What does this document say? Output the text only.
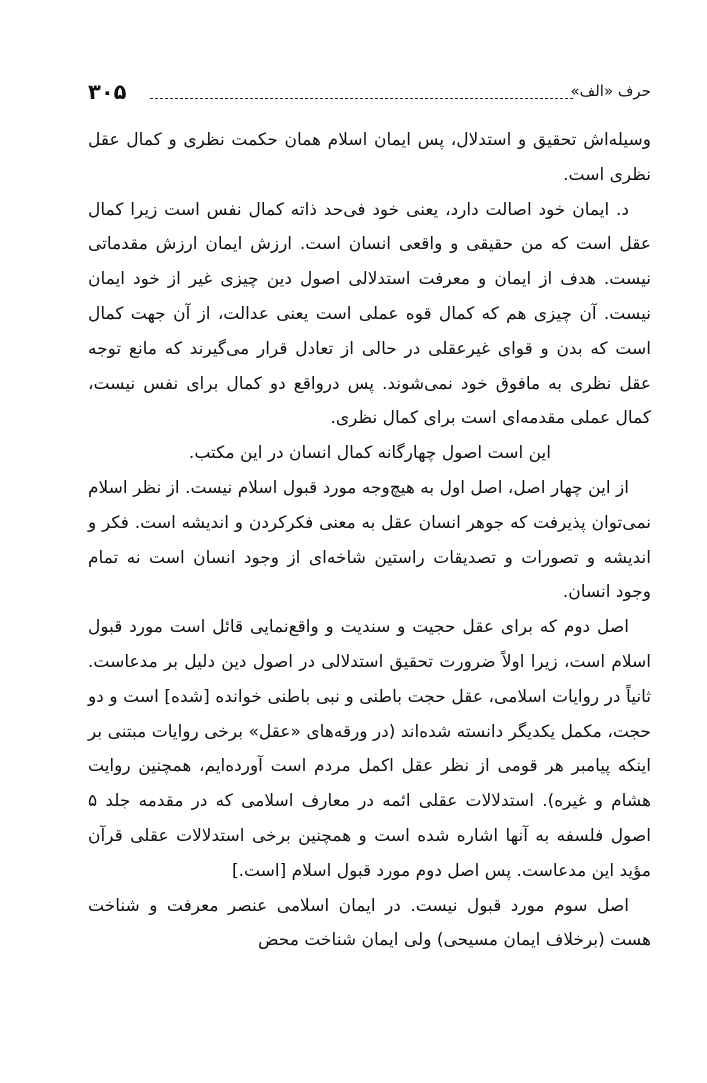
حرف «الف»
۳۰۵

وسیله‌اش تحقیق و استدلال، پس ایمان اسلام همان حکمت نظری و کمال عقل نظری است.

د. ایمان خود اصالت دارد، یعنی خود فی‌حد ذاته کمال نفس است زیرا کمال عقل است که من حقیقی و واقعی انسان است. ارزش ایمان ارزش مقدماتی نیست. هدف از ایمان و معرفت استدلالی اصول دین چیزی غیر از خود ایمان نیست. آن چیزی هم که کمال قوه عملی است یعنی عدالت، از آن جهت کمال است که بدن و قوای غیرعقلی در حالی از تعادل قرار می‌گیرند که مانع توجه عقل نظری به مافوق خود نمی‌شوند. پس درواقع دو کمال برای نفس نیست، کمال عملی مقدمه‌ای است برای کمال نظری.

این است اصول چهارگانه کمال انسان در این مکتب.

از این چهار اصل، اصل اول به هیچ‌وجه مورد قبول اسلام نیست. از نظر اسلام نمی‌توان پذیرفت که جوهر انسان عقل به معنی فکرکردن و اندیشه است. فکر و اندیشه و تصورات و تصدیقات راستین شاخه‌ای از وجود انسان است نه تمام وجود انسان.

اصل دوم که برای عقل حجیت و سندیت و واقع‌نمایی قائل است مورد قبول اسلام است، زیرا اولاً ضرورت تحقیق استدلالی در اصول دین دلیل بر مدعاست. ثانیاً در روایات اسلامی، عقل حجت باطنی و نبی باطنی خوانده [شده] است و دو حجت، مکمل یکدیگر دانسته شده‌اند (در ورقه‌های «عقل» برخی روایات مبتنی بر اینکه پیامبر هر قومی از نظر عقل اکمل مردم است آورده‌ایم، همچنین روایت هشام و غیره). استدلالات عقلی ائمه در معارف اسلامی که در مقدمه جلد ۵ اصول فلسفه به آنها اشاره شده است و همچنین برخی استدلالات عقلی قرآن مؤید این مدعاست. پس اصل دوم مورد قبول اسلام [است.]

اصل سوم مورد قبول نیست. در ایمان اسلامی عنصر معرفت و شناخت هست (برخلاف ایمان مسیحی) ولی ایمان شناخت محض
